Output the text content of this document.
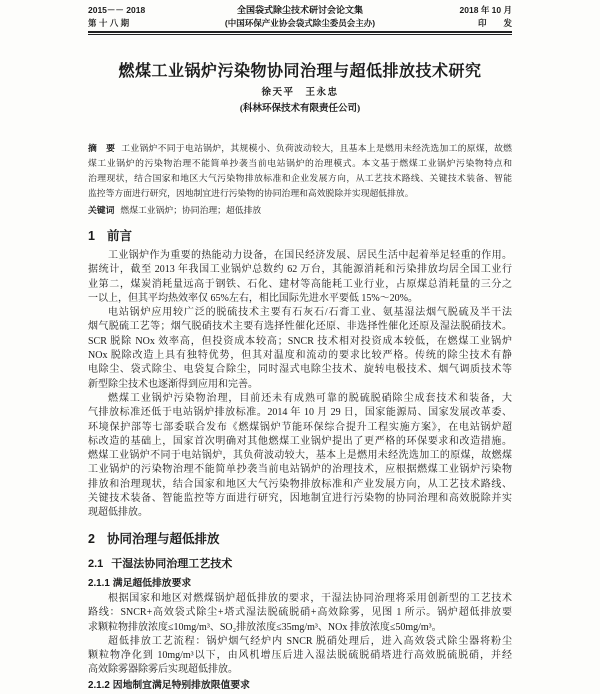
2015－－ 2018
第 十 八 期
全国袋式除尘技术研讨会论文集
(中国环保产业协会袋式除尘委员会主办)
2018 年 10 月
印　　发
燃煤工业锅炉污染物协同治理与超低排放技术研究
徐天平　王永忠
(科林环保技术有限责任公司)
摘　要 工业锅炉不同于电站锅炉，其规模小、负荷波动较大，且基本上是燃用未经洗选加工的原煤，故燃
煤工业锅炉的污染物治理不能简单抄袭当前电站锅炉的治理模式。本文基于燃煤工业锅炉污染物特点和
治理现状，结合国家和地区大气污染物排放标准和企业发展方向，从工艺技术路线、关键技术装备、智能
监控等方面进行研究，因地制宜进行污染物的协同治理和高效脱除并实现超低排放。
关键词 燃煤工业锅炉；协同治理；超低排放
1 前言
工业锅炉作为重要的热能动力设备，在国民经济发展、居民生活中起着举足轻重的作用。
据统计，截至 2013 年我国工业锅炉总数约 62 万台，其能源消耗和污染排放均居全国工业行
业第二，煤炭消耗量远高于钢铁、石化、建材等高能耗工业行业，占原煤总消耗量的三分之
一以上，但其平均热效率仅 65%左右，相比国际先进水平要低 15%～20%。
电站锅炉应用较广泛的脱硫技术主要有石灰石/石膏工业、氨基湿法烟气脱硫及半干法
烟气脱硫工艺等；烟气脱硝技术主要有选择性催化还原、非选择性催化还原及湿法脱硝技术。
SCR 脱除 NOx 效率高，但投资成本较高；SNCR 技术相对投资成本较低，在燃煤工业锅炉
NOx 脱除改造上具有独特优势，但其对温度和流动的要求比较严格。传统的除尘技术有静
电除尘、袋式除尘、电袋复合除尘，同时湿式电除尘技术、旋转电极技术、烟气调质技术等
新型除尘技术也逐渐得到应用和完善。
燃煤工业锅炉污染物治理，目前还未有成熟可靠的脱硫脱硝除尘成套技术和装备，大
气排放标准还低于电站锅炉排放标准。2014 年 10 月 29 日，国家能源局、国家发展改革委、
环境保护部等七部委联合发布《燃煤锅炉节能环保综合提升工程实施方案》，在电站锅炉超
标改造的基础上，国家首次明确对其他燃煤工业锅炉提出了更严格的环保要求和改造措施。
燃煤工业锅炉不同于电站锅炉，其负荷波动较大，基本上是燃用未经洗选加工的原煤，故燃煤
工业锅炉的污染物治理不能简单抄袭当前电站锅炉的治理技术，应根据燃煤工业锅炉污染物
排放和治理现状，结合国家和地区大气污染物排放标准和产业发展方向，从工艺技术路线、
关键技术装备、智能监控等方面进行研究，因地制宜进行污染物的协同治理和高效脱除并实
现超低排放。
2 协同治理与超低排放
2.1 干湿法协同治理工艺技术
2.1.1 满足超低排放要求
根据国家和地区对燃煤锅炉超低排放的要求，干湿法协同治理将采用创新型的工艺技术
路线：SNCR+高效袋式除尘+塔式湿法脱硫脱硝+高效除雾，见图 1 所示。锅炉超低排放要
求颗粒物排放浓度≤10mg/m³、SO₂排放浓度≤35mg/m³、NOx 排放浓度≤50mg/m³。
超低排放工艺流程：锅炉烟气经炉内 SNCR 脱硝处理后，进入高效袋式除尘器将粉尘
颗粒物净化到 10mg/m³以下，由风机增压后进入湿法脱硫脱硝塔进行高效脱硫脱硝，并经
高效除雾器除雾后实现超低排放。
2.1.2 因地制宜满足特别排放限值要求
